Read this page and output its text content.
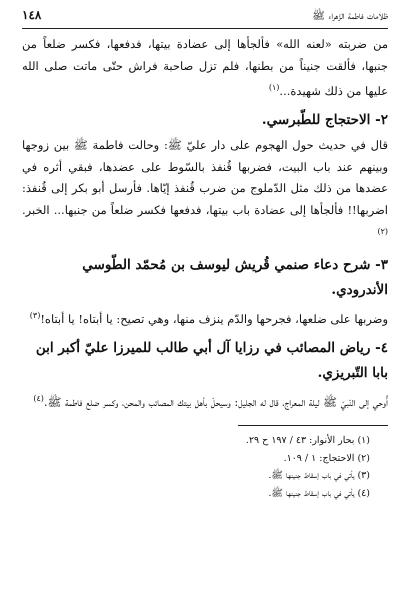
ظلامات فاطمة الزّهراء ﷺ
١٤٨

من ضربته «لعنه الله» فألجأها إلى عضادة بيتها، فدفعها، فكسر ضلعاً من جنبها، فألقت جنيناً من بطنها، فلم تزل صاحبة فراش حتّى ماتت صلى الله عليها من ذلك شهيدة...$^{(١)}$

٢- الاحتجاج للطّبرسي.

قال في حديث حول الهجوم على دار عليّ ﷺ: وحالت فاطمة ﷺ بين زوجها وبينهم عند باب البيت، فضربها قُنفذ بالسّوط على عضدها، فبقي أثره في عضدها من ذلك مثل الدّملوج من ضرب قُنفذ إيّاها. فأرسل أبو بكر إلى قُنفذ: اضربها!! فألجأها إلى عضادة باب بيتها، فدفعها فكسر ضلعاً من جنبها... الخبر.$^{(٢)}$

٣- شرح دعاء صنمي قُريش ليوسف بن مُحمّد الطّوسي الأندرودي.

وضربها على ضلعها، فجرحها والدّم ينزف منها، وهي تصيح: يا أبتاه! يا أبتاه!$^{(٣)}$

٤- رياض المصائب في رزايا آل أبي طالب للميرزا عليّ أكبر ابن بابا التّبريزي.

أُوحي إلى النّبيّ ﷺ ليلة المعراج، قال له الجليل: وسيحلّ بأهل بيتك المصائب والمحن، وكسر ضلع فاطمة ﷺ.$^{(٤)}$

(١) بحار الأنوار: ٤٣ / ١٩٧ ح ٢٩.
(٢) الاحتجاج: ١ / ١٠٩.
(٣) يأتي في باب إسقاط جنينها ﷺ.
(٤) يأتي في باب إسقاط جنينها ﷺ.
